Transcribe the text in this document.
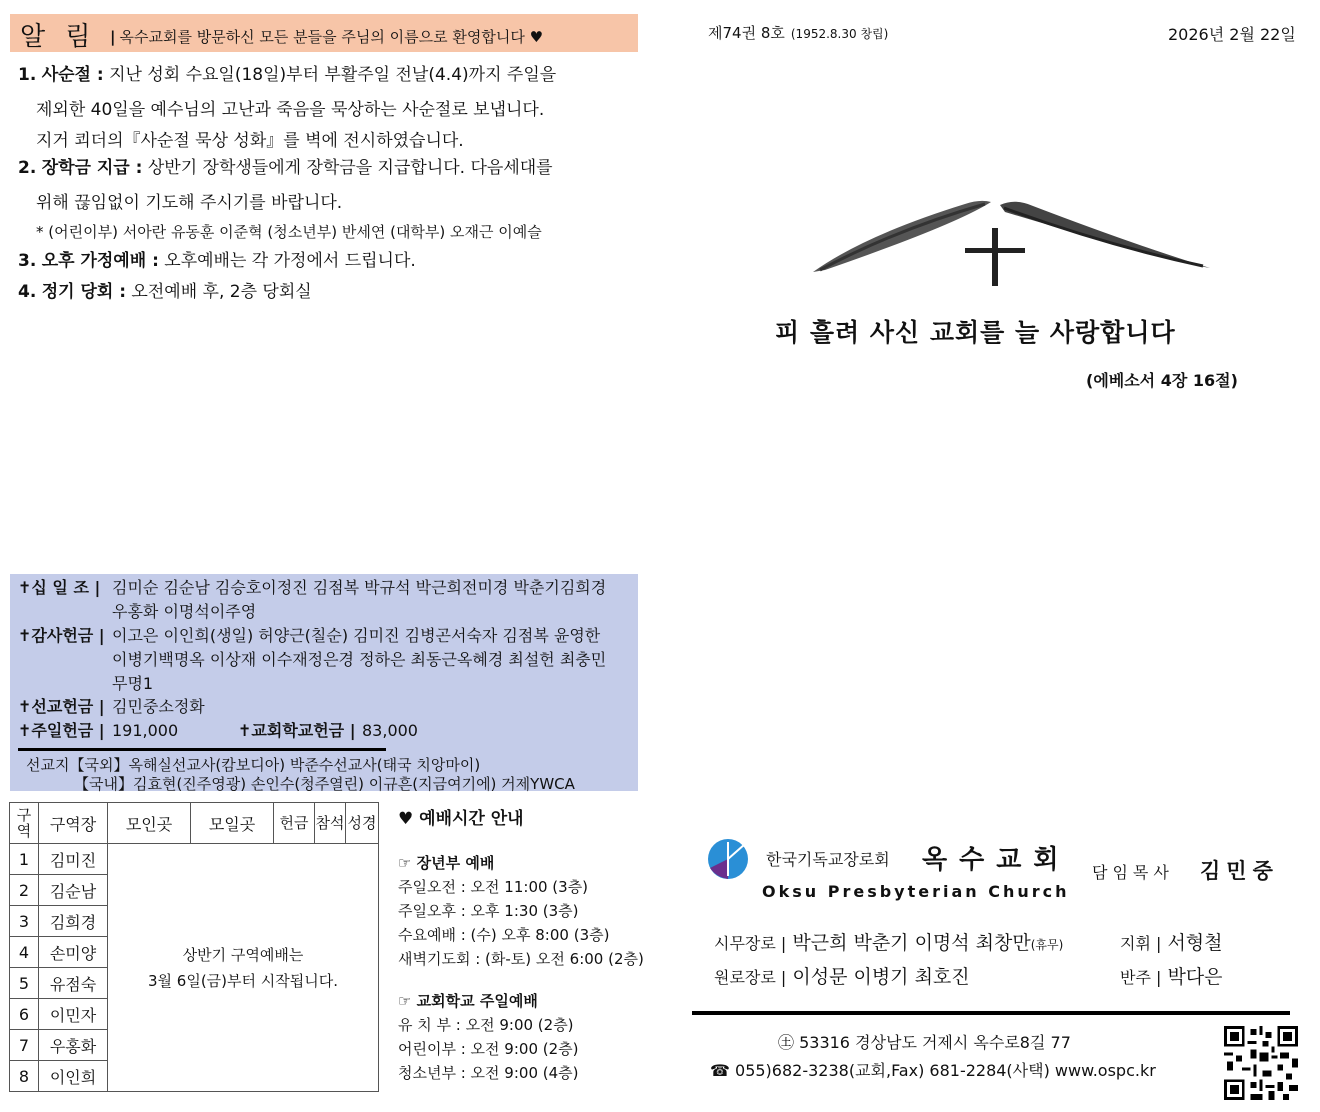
알 림 | 옥수교회를 방문하신 모든 분들을 주님의 이름으로 환영합니다 ♥
1. 사순절 : 지난 성회 수요일(18일)부터 부활주일 전날(4.4)까지 주일을
제외한 40일을 예수님의 고난과 죽음을 묵상하는 사순절로 보냅니다.
지거 쾨더의『사순절 묵상 성화』를 벽에 전시하였습니다.
2. 장학금 지급 : 상반기 장학생들에게 장학금을 지급합니다. 다음세대를
위해 끊임없이 기도해 주시기를 바랍니다.
* (어린이부) 서아란 유동훈 이준혁 (청소년부) 반세연 (대학부) 오재근 이예슬
3. 오후 가정예배 : 오후예배는 각 가정에서 드립니다.
4. 정기 당회 : 오전예배 후, 2층 당회실
제74권 8호 (1952.8.30 창립)	2026년 2월 22일
피 흘려 사신 교회를 늘 사랑합니다
(에베소서 4장 16절)
✝십 일 조 | 김미순 김순남 김승호이정진 김점복 박규석 박근희전미경 박춘기김희경
우홍화 이명석이주영
✝감사헌금 | 이고은 이인희(생일) 허양근(칠순) 김미진 김병곤서숙자 김점복 윤영한
이병기백명옥 이상재 이수재정은경 정하은 최동근옥혜경 최설헌 최충민
무명1
✝선교헌금 | 김민중소정화
✝주일헌금 | 191,000	✝교회학교헌금 | 83,000
선교지【국외】옥해실선교사(캄보디아) 박준수선교사(태국 치앙마이)
【국내】김효현(진주영광) 손인수(청주열린) 이규흔(지금여기에) 거제YWCA
구역	구역장	모인곳	모일곳	헌금	참석	성경
1	김미진	상반기 구역예배는
3월 6일(금)부터 시작됩니다.				

2	김순남					
3	김희경					
4	손미양					
5	유점숙					
6	이민자					
7	우홍화					
8	이인희					
♥ 예배시간 안내
☞ 장년부 예배
주일오전 : 오전 11:00 (3층)
주일오후 : 오후 1:30 (3층)
수요예배 : (수) 오후 8:00 (3층)
새벽기도회 : (화-토) 오전 6:00 (2층)
☞ 교회학교 주일예배
유 치 부 : 오전 9:00 (2층)
어린이부 : 오전 9:00 (2층)
청소년부 : 오전 9:00 (4층)
한국기독교장로회 옥수교회
Oksu Presbyterian Church
담임목사 김민중
시무장로 | 박근희 박춘기 이명석 최창만(휴무)	지휘 | 서형철
원로장로 | 이성문 이병기 최호진	반주 | 박다은
㊏ 53316 경상남도 거제시 옥수로8길 77
☎ 055)682-3238(교회,Fax) 681-2284(사택) www.ospc.kr
